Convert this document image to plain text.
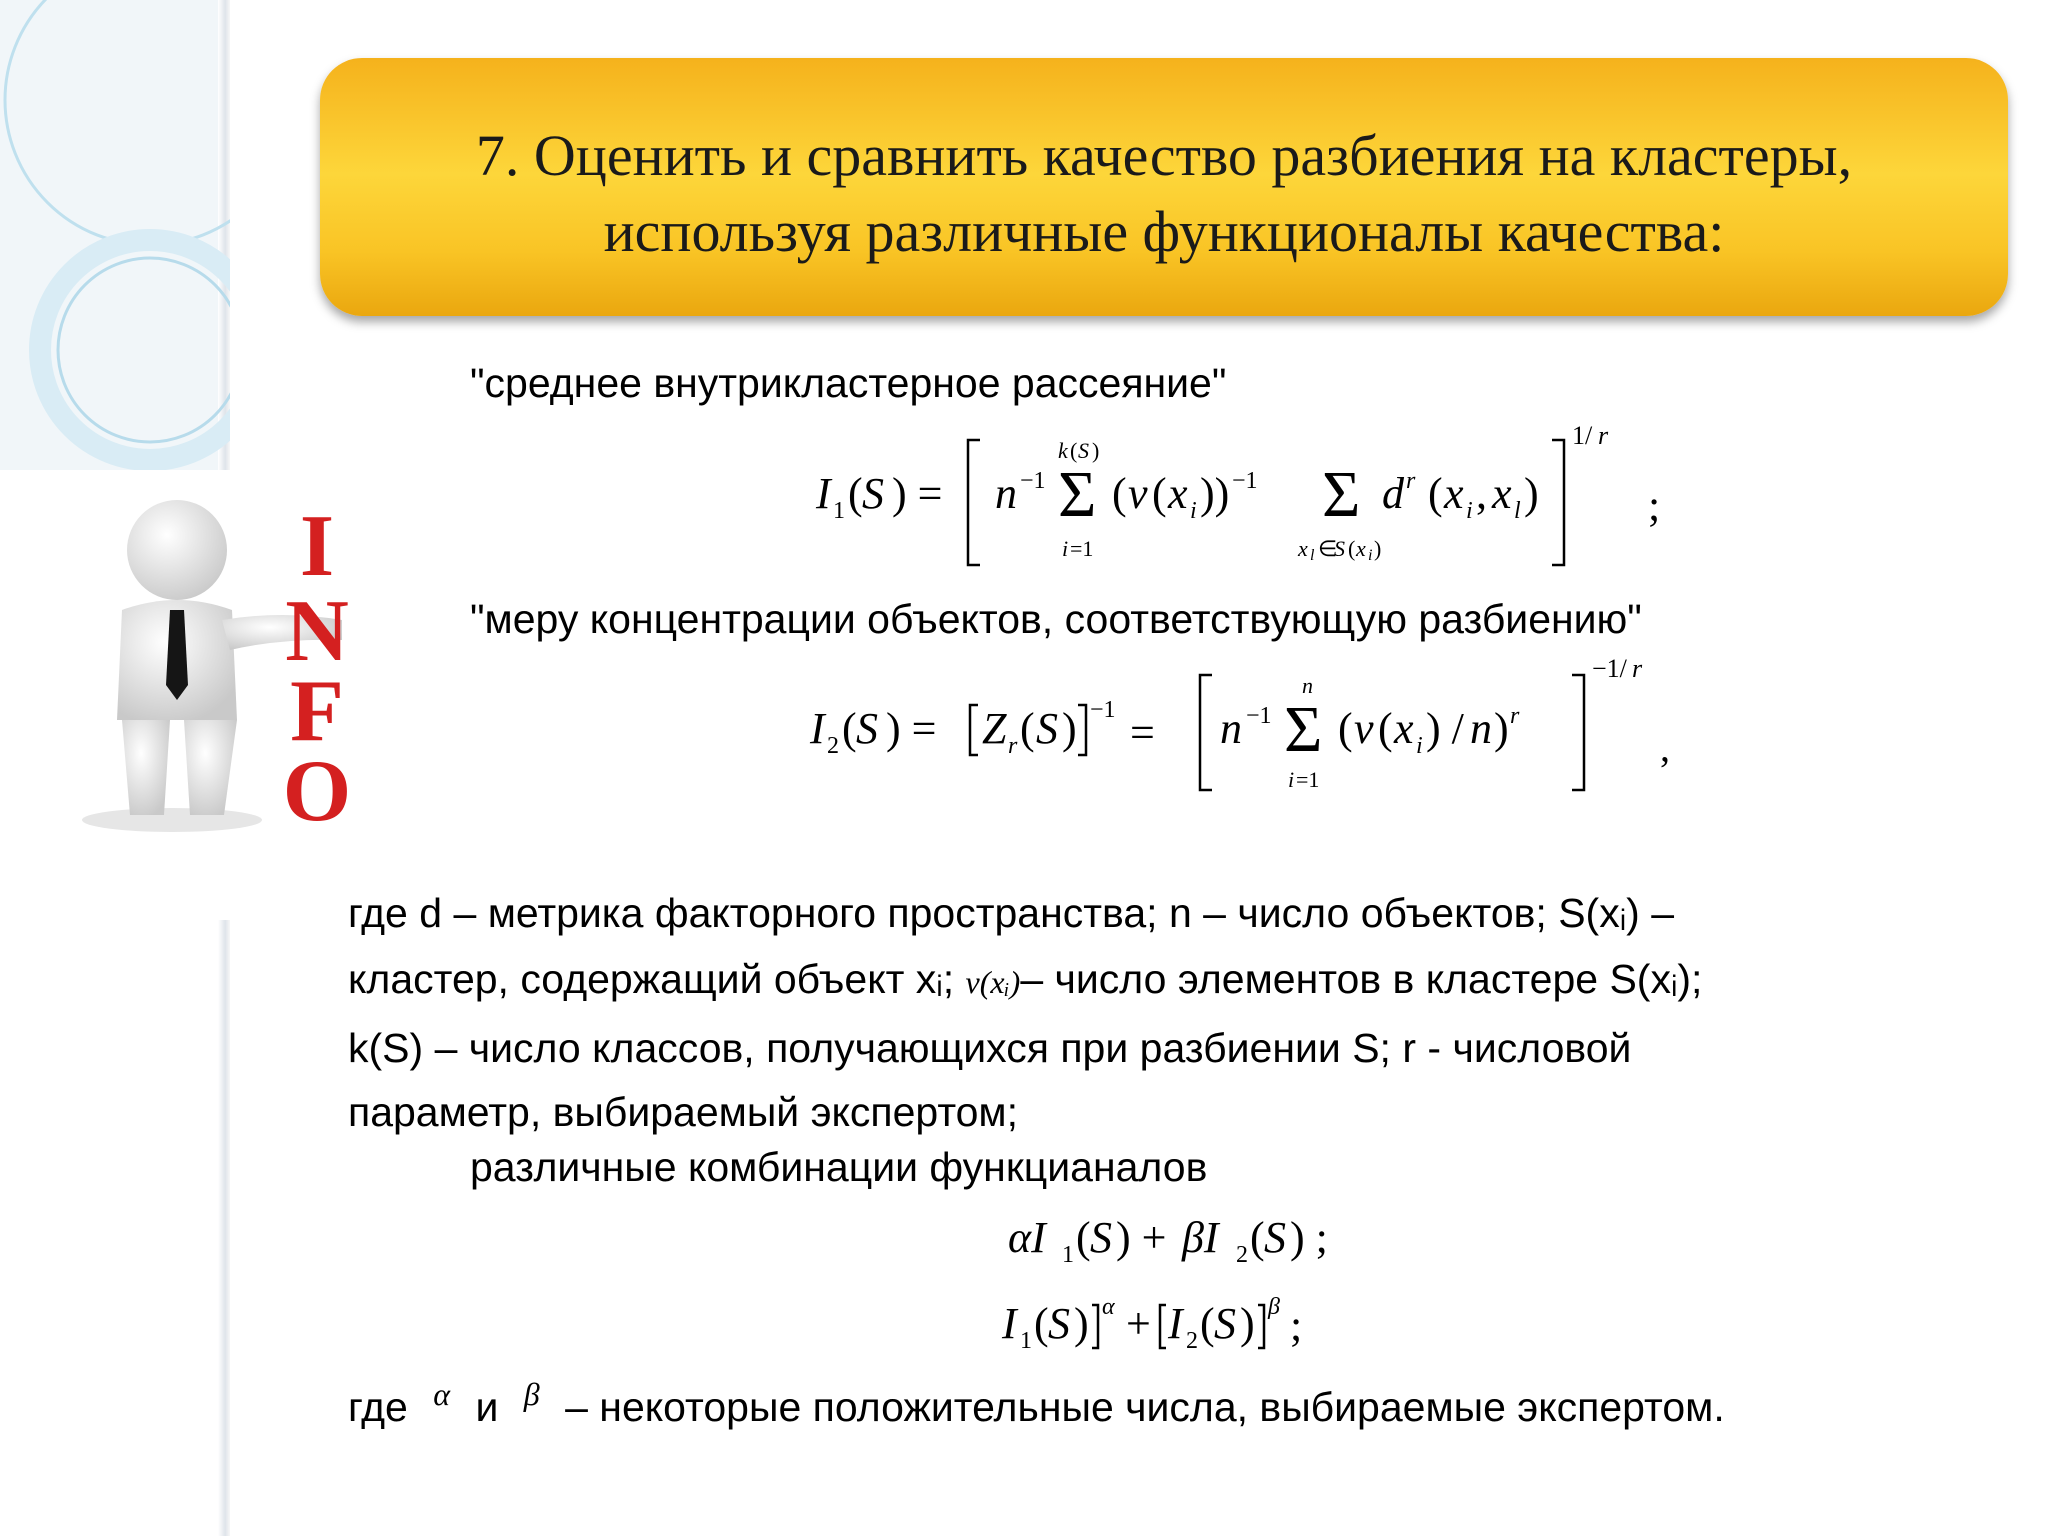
7. Оценить и сравнить качество разбиения на кластеры,
используя различные функционалы качества:
I
N
F
O
"среднее внутрикластерное рассеяние"
I 1 ( S ) = n −1 Σ
k ( S )
i =1
( ν ( x i )) −1 Σ
x l ∈
S ( x i )
d r ( x i , x l )
1/ r
;
"меру концентрации объектов, соответствующую разбиению"
I 2 ( S ) = Z r ( S ) −1 = n −1 Σ
n
i =1
( ν ( x i ) / n ) r
−1/ r
,
где d – метрика факторного пространства; n – число объектов; S(xᵢ) –
кластер, содержащий объект xᵢ; ν(xᵢ)– число элементов в кластере S(xᵢ);
k(S) – число классов, получающихся при разбиении S; r - числовой
параметр, выбираемый экспертом;
различные комбинации функцианалов
αI 1 ( S ) + βI 2 ( S ) ;
I 1 ( S ) α + I 2 ( S ) β ;
где $^\alpha$ и $^\beta$ – некоторые положительные числа, выбираемые экспертом.
